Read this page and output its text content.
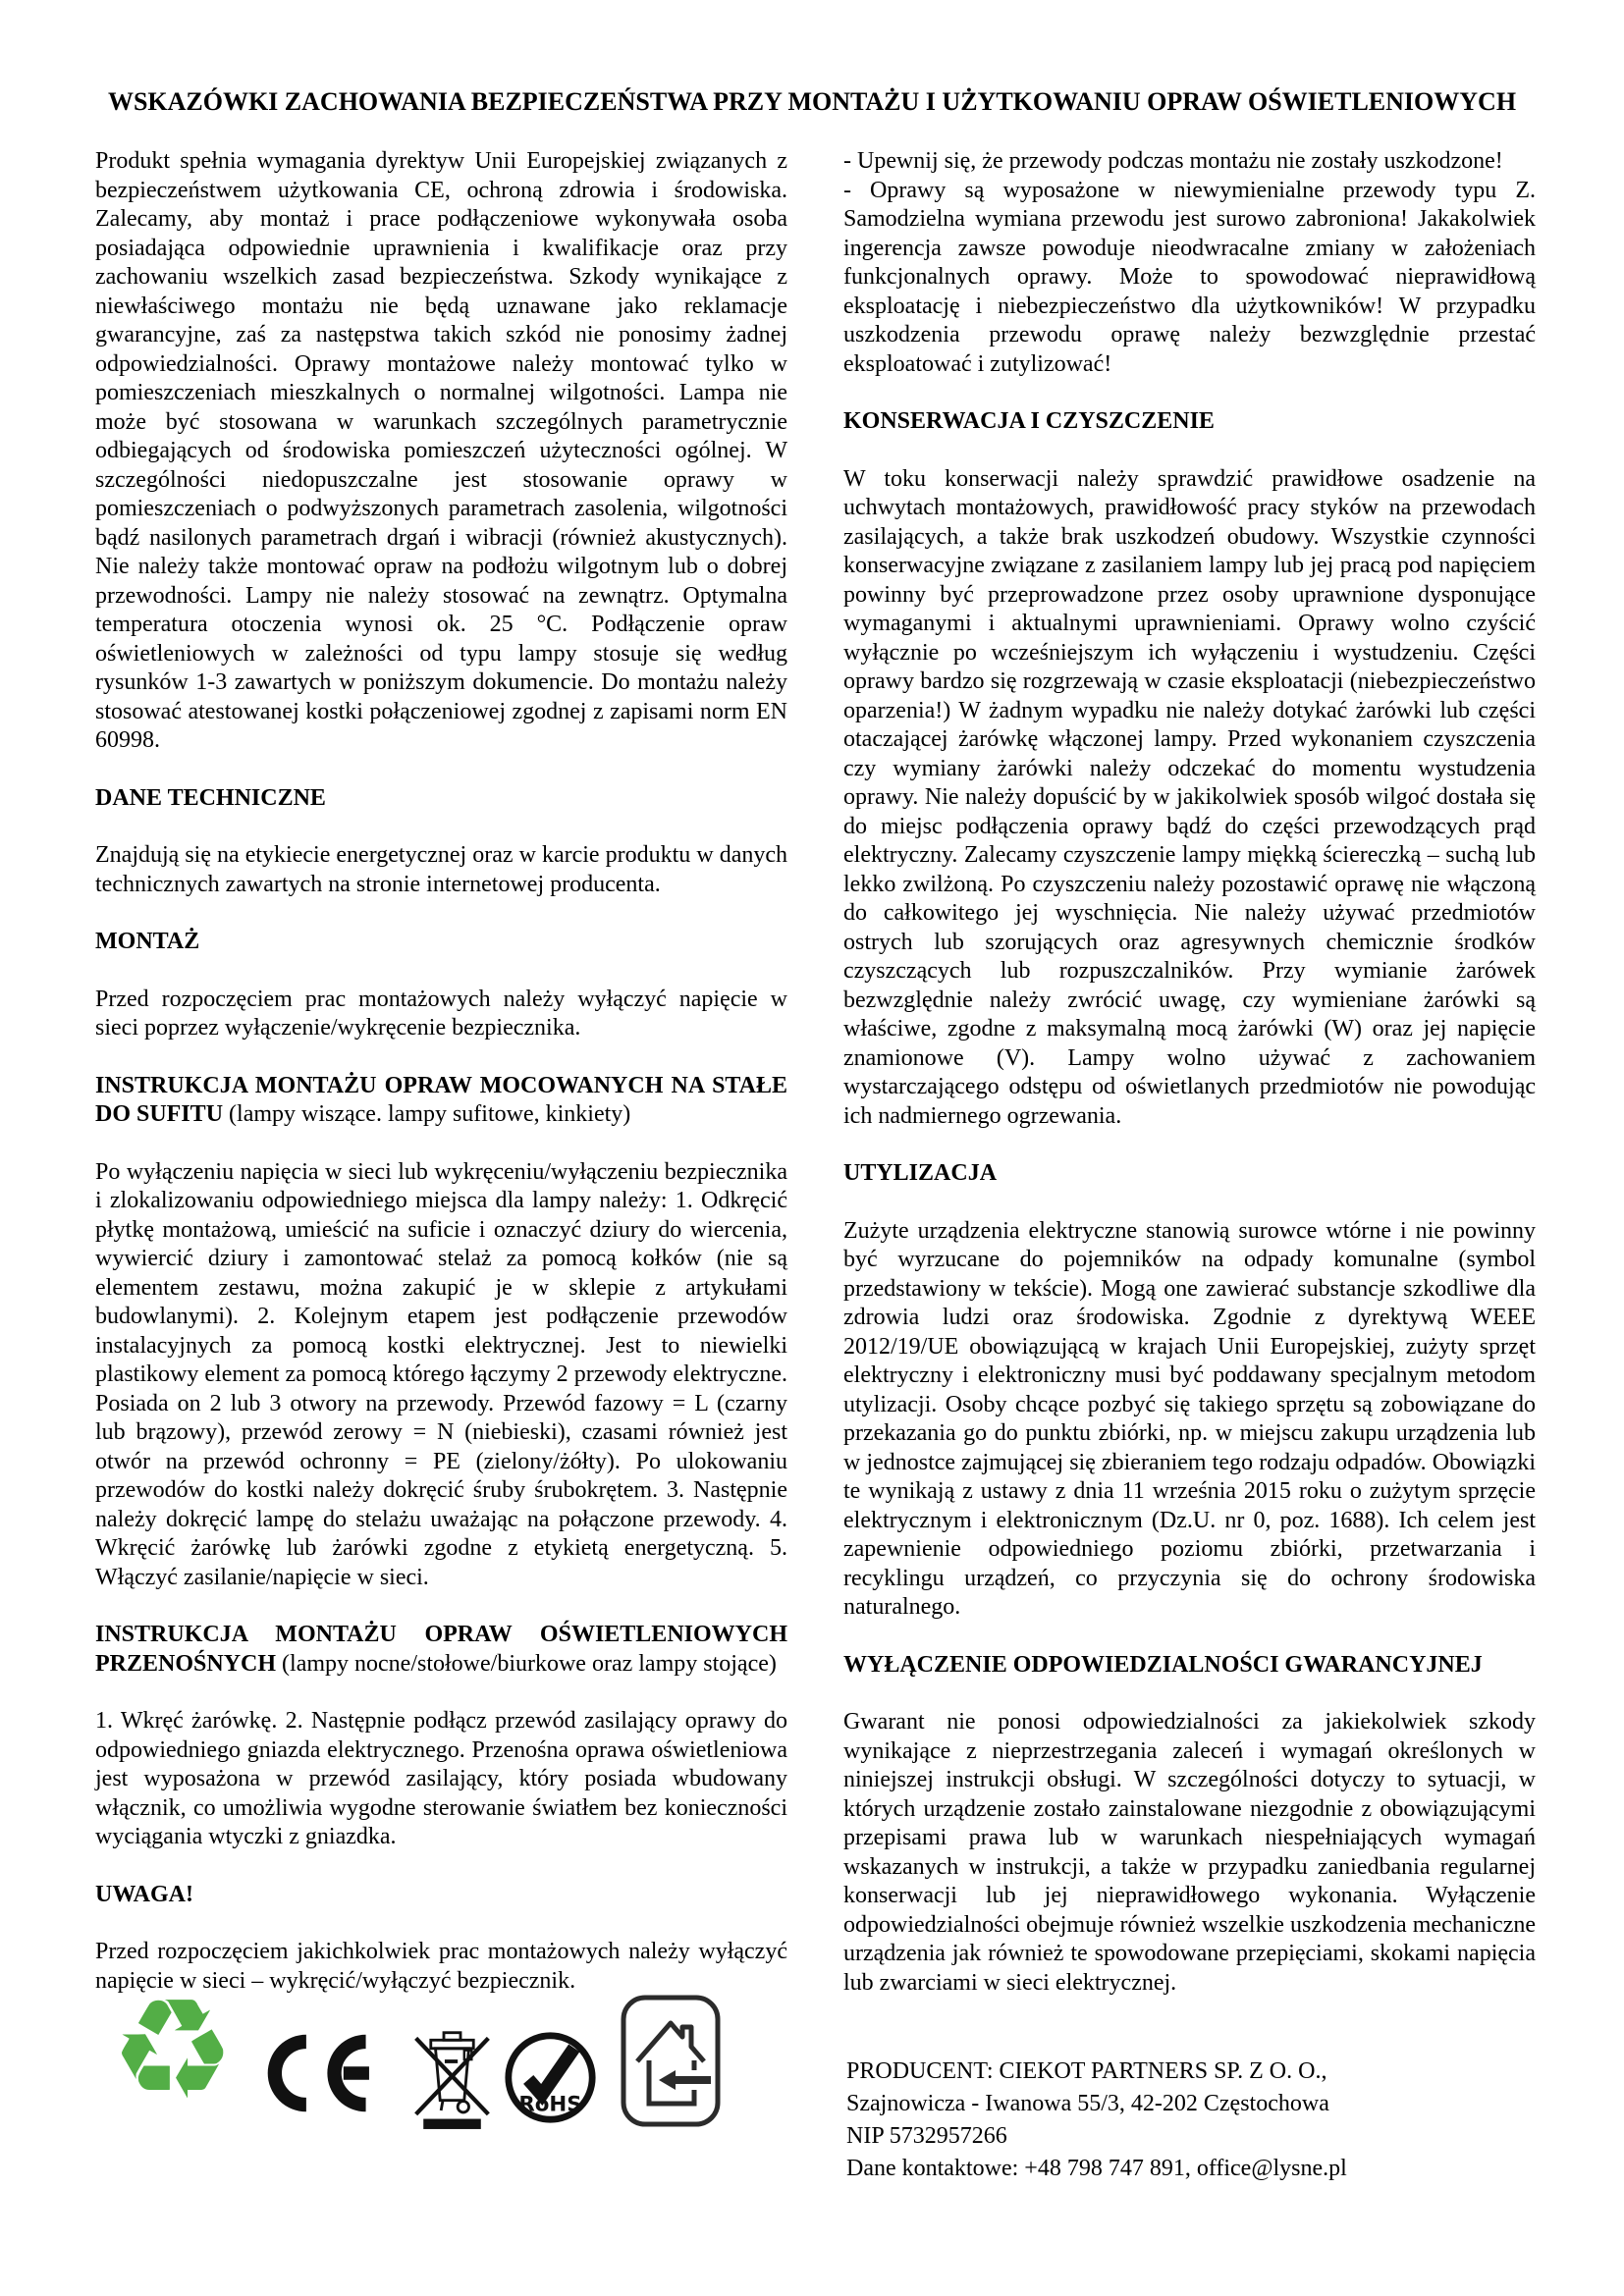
WSKAZÓWKI ZACHOWANIA BEZPIECZEŃSTWA PRZY MONTAŻU I UŻYTKOWANIU OPRAW OŚWIETLENIOWYCH

Produkt spełnia wymagania dyrektyw Unii Europejskiej związanych z bezpieczeństwem użytkowania CE, ochroną zdrowia i środowiska. Zalecamy, aby montaż i prace podłączeniowe wykonywała osoba posiadająca odpowiednie uprawnienia i kwalifikacje oraz przy zachowaniu wszelkich zasad bezpieczeństwa. Szkody wynikające z niewłaściwego montażu nie będą uznawane jako reklamacje gwarancyjne, zaś za następstwa takich szkód nie ponosimy żadnej odpowiedzialności. Oprawy montażowe należy montować tylko w pomieszczeniach mieszkalnych o normalnej wilgotności. Lampa nie może być stosowana w warunkach szczególnych parametrycznie odbiegających od środowiska pomieszczeń użyteczności ogólnej. W szczególności niedopuszczalne jest stosowanie oprawy w pomieszczeniach o podwyższonych parametrach zasolenia, wilgotności bądź nasilonych parametrach drgań i wibracji (również akustycznych). Nie należy także montować opraw na podłożu wilgotnym lub o dobrej przewodności. Lampy nie należy stosować na zewnątrz. Optymalna temperatura otoczenia wynosi ok. 25 °C. Podłączenie opraw oświetleniowych w zależności od typu lampy stosuje się według rysunków 1-3 zawartych w poniższym dokumencie. Do montażu należy stosować atestowanej kostki połączeniowej zgodnej z zapisami norm EN 60998.

DANE TECHNICZNE

Znajdują się na etykiecie energetycznej oraz w karcie produktu w danych technicznych zawartych na stronie internetowej producenta.

MONTAŻ

Przed rozpoczęciem prac montażowych należy wyłączyć napięcie w sieci poprzez wyłączenie/wykręcenie bezpiecznika.

INSTRUKCJA MONTAŻU OPRAW MOCOWANYCH NA STAŁE DO SUFITU (lampy wiszące. lampy sufitowe, kinkiety)

Po wyłączeniu napięcia w sieci lub wykręceniu/wyłączeniu bezpiecznika i zlokalizowaniu odpowiedniego miejsca dla lampy należy: 1. Odkręcić płytkę montażową, umieścić na suficie i oznaczyć dziury do wiercenia, wywiercić dziury i zamontować stelaż za pomocą kołków (nie są elementem zestawu, można zakupić je w sklepie z artykułami budowlanymi). 2. Kolejnym etapem jest podłączenie przewodów instalacyjnych za pomocą kostki elektrycznej. Jest to niewielki plastikowy element za pomocą którego łączymy 2 przewody elektryczne. Posiada on 2 lub 3 otwory na przewody. Przewód fazowy = L (czarny lub brązowy), przewód zerowy = N (niebieski), czasami również jest otwór na przewód ochronny = PE (zielony/żółty). Po ulokowaniu przewodów do kostki należy dokręcić śruby śrubokrętem. 3. Następnie należy dokręcić lampę do stelażu uważając na połączone przewody. 4. Wkręcić żarówkę lub żarówki zgodne z etykietą energetyczną. 5. Włączyć zasilanie/napięcie w sieci.

INSTRUKCJA MONTAŻU OPRAW OŚWIETLENIOWYCH PRZENOŚNYCH (lampy nocne/stołowe/biurkowe oraz lampy stojące)

1. Wkręć żarówkę. 2. Następnie podłącz przewód zasilający oprawy do odpowiedniego gniazda elektrycznego. Przenośna oprawa oświetleniowa jest wyposażona w przewód zasilający, który posiada wbudowany włącznik, co umożliwia wygodne sterowanie światłem bez konieczności wyciągania wtyczki z gniazdka.

UWAGA!

Przed rozpoczęciem jakichkolwiek prac montażowych należy wyłączyć napięcie w sieci – wykręcić/wyłączyć bezpiecznik.

- Upewnij się, że przewody podczas montażu nie zostały uszkodzone!

- Oprawy są wyposażone w niewymienialne przewody typu Z. Samodzielna wymiana przewodu jest surowo zabroniona! Jakakolwiek ingerencja zawsze powoduje nieodwracalne zmiany w założeniach funkcjonalnych oprawy. Może to spowodować nieprawidłową eksploatację i niebezpieczeństwo dla użytkowników! W przypadku uszkodzenia przewodu oprawę należy bezwzględnie przestać eksploatować i zutylizować!

KONSERWACJA I CZYSZCZENIE

W toku konserwacji należy sprawdzić prawidłowe osadzenie na uchwytach montażowych, prawidłowość pracy styków na przewodach zasilających, a także brak uszkodzeń obudowy. Wszystkie czynności konserwacyjne związane z zasilaniem lampy lub jej pracą pod napięciem powinny być przeprowadzone przez osoby uprawnione dysponujące wymaganymi i aktualnymi uprawnieniami. Oprawy wolno czyścić wyłącznie po wcześniejszym ich wyłączeniu i wystudzeniu. Części oprawy bardzo się rozgrzewają w czasie eksploatacji (niebezpieczeństwo oparzenia!) W żadnym wypadku nie należy dotykać żarówki lub części otaczającej żarówkę włączonej lampy. Przed wykonaniem czyszczenia czy wymiany żarówki należy odczekać do momentu wystudzenia oprawy. Nie należy dopuścić by w jakikolwiek sposób wilgoć dostała się do miejsc podłączenia oprawy bądź do części przewodzących prąd elektryczny. Zalecamy czyszczenie lampy miękką ściereczką – suchą lub lekko zwilżoną. Po czyszczeniu należy pozostawić oprawę nie włączoną do całkowitego jej wyschnięcia. Nie należy używać przedmiotów ostrych lub szorujących oraz agresywnych chemicznie środków czyszczących lub rozpuszczalników. Przy wymianie żarówek bezwzględnie należy zwrócić uwagę, czy wymieniane żarówki są właściwe, zgodne z maksymalną mocą żarówki (W) oraz jej napięcie znamionowe (V). Lampy wolno używać z zachowaniem wystarczającego odstępu od oświetlanych przedmiotów nie powodując ich nadmiernego ogrzewania.

UTYLIZACJA

Zużyte urządzenia elektryczne stanowią surowce wtórne i nie powinny być wyrzucane do pojemników na odpady komunalne (symbol przedstawiony w tekście). Mogą one zawierać substancje szkodliwe dla zdrowia ludzi oraz środowiska. Zgodnie z dyrektywą WEEE 2012/19/UE obowiązującą w krajach Unii Europejskiej, zużyty sprzęt elektryczny i elektroniczny musi być poddawany specjalnym metodom utylizacji. Osoby chcące pozbyć się takiego sprzętu są zobowiązane do przekazania go do punktu zbiórki, np. w miejscu zakupu urządzenia lub w jednostce zajmującej się zbieraniem tego rodzaju odpadów. Obowiązki te wynikają z ustawy z dnia 11 września 2015 roku o zużytym sprzęcie elektrycznym i elektronicznym (Dz.U. nr 0, poz. 1688). Ich celem jest zapewnienie odpowiedniego poziomu zbiórki, przetwarzania i recyklingu urządzeń, co przyczynia się do ochrony środowiska naturalnego.

WYŁĄCZENIE ODPOWIEDZIALNOŚCI GWARANCYJNEJ

Gwarant nie ponosi odpowiedzialności za jakiekolwiek szkody wynikające z nieprzestrzegania zaleceń i wymagań określonych w niniejszej instrukcji obsługi. W szczególności dotyczy to sytuacji, w których urządzenie zostało zainstalowane niezgodnie z obowiązującymi przepisami prawa lub w warunkach niespełniających wymagań wskazanych w instrukcji, a także w przypadku zaniedbania regularnej konserwacji lub jej nieprawidłowego wykonania. Wyłączenie odpowiedzialności obejmuje również wszelkie uszkodzenia mechaniczne urządzenia jak również te spowodowane przepięciami, skokami napięcia lub zwarciami w sieci elektrycznej.

♻	RoHS
PRODUCENT: CIEKOT PARTNERS SP. Z O. O.,
Szajnowicza - Iwanowa 55/3, 42-202 Częstochowa
NIP 5732957266
Dane kontaktowe: +48 798 747 891, office@lysne.pl
